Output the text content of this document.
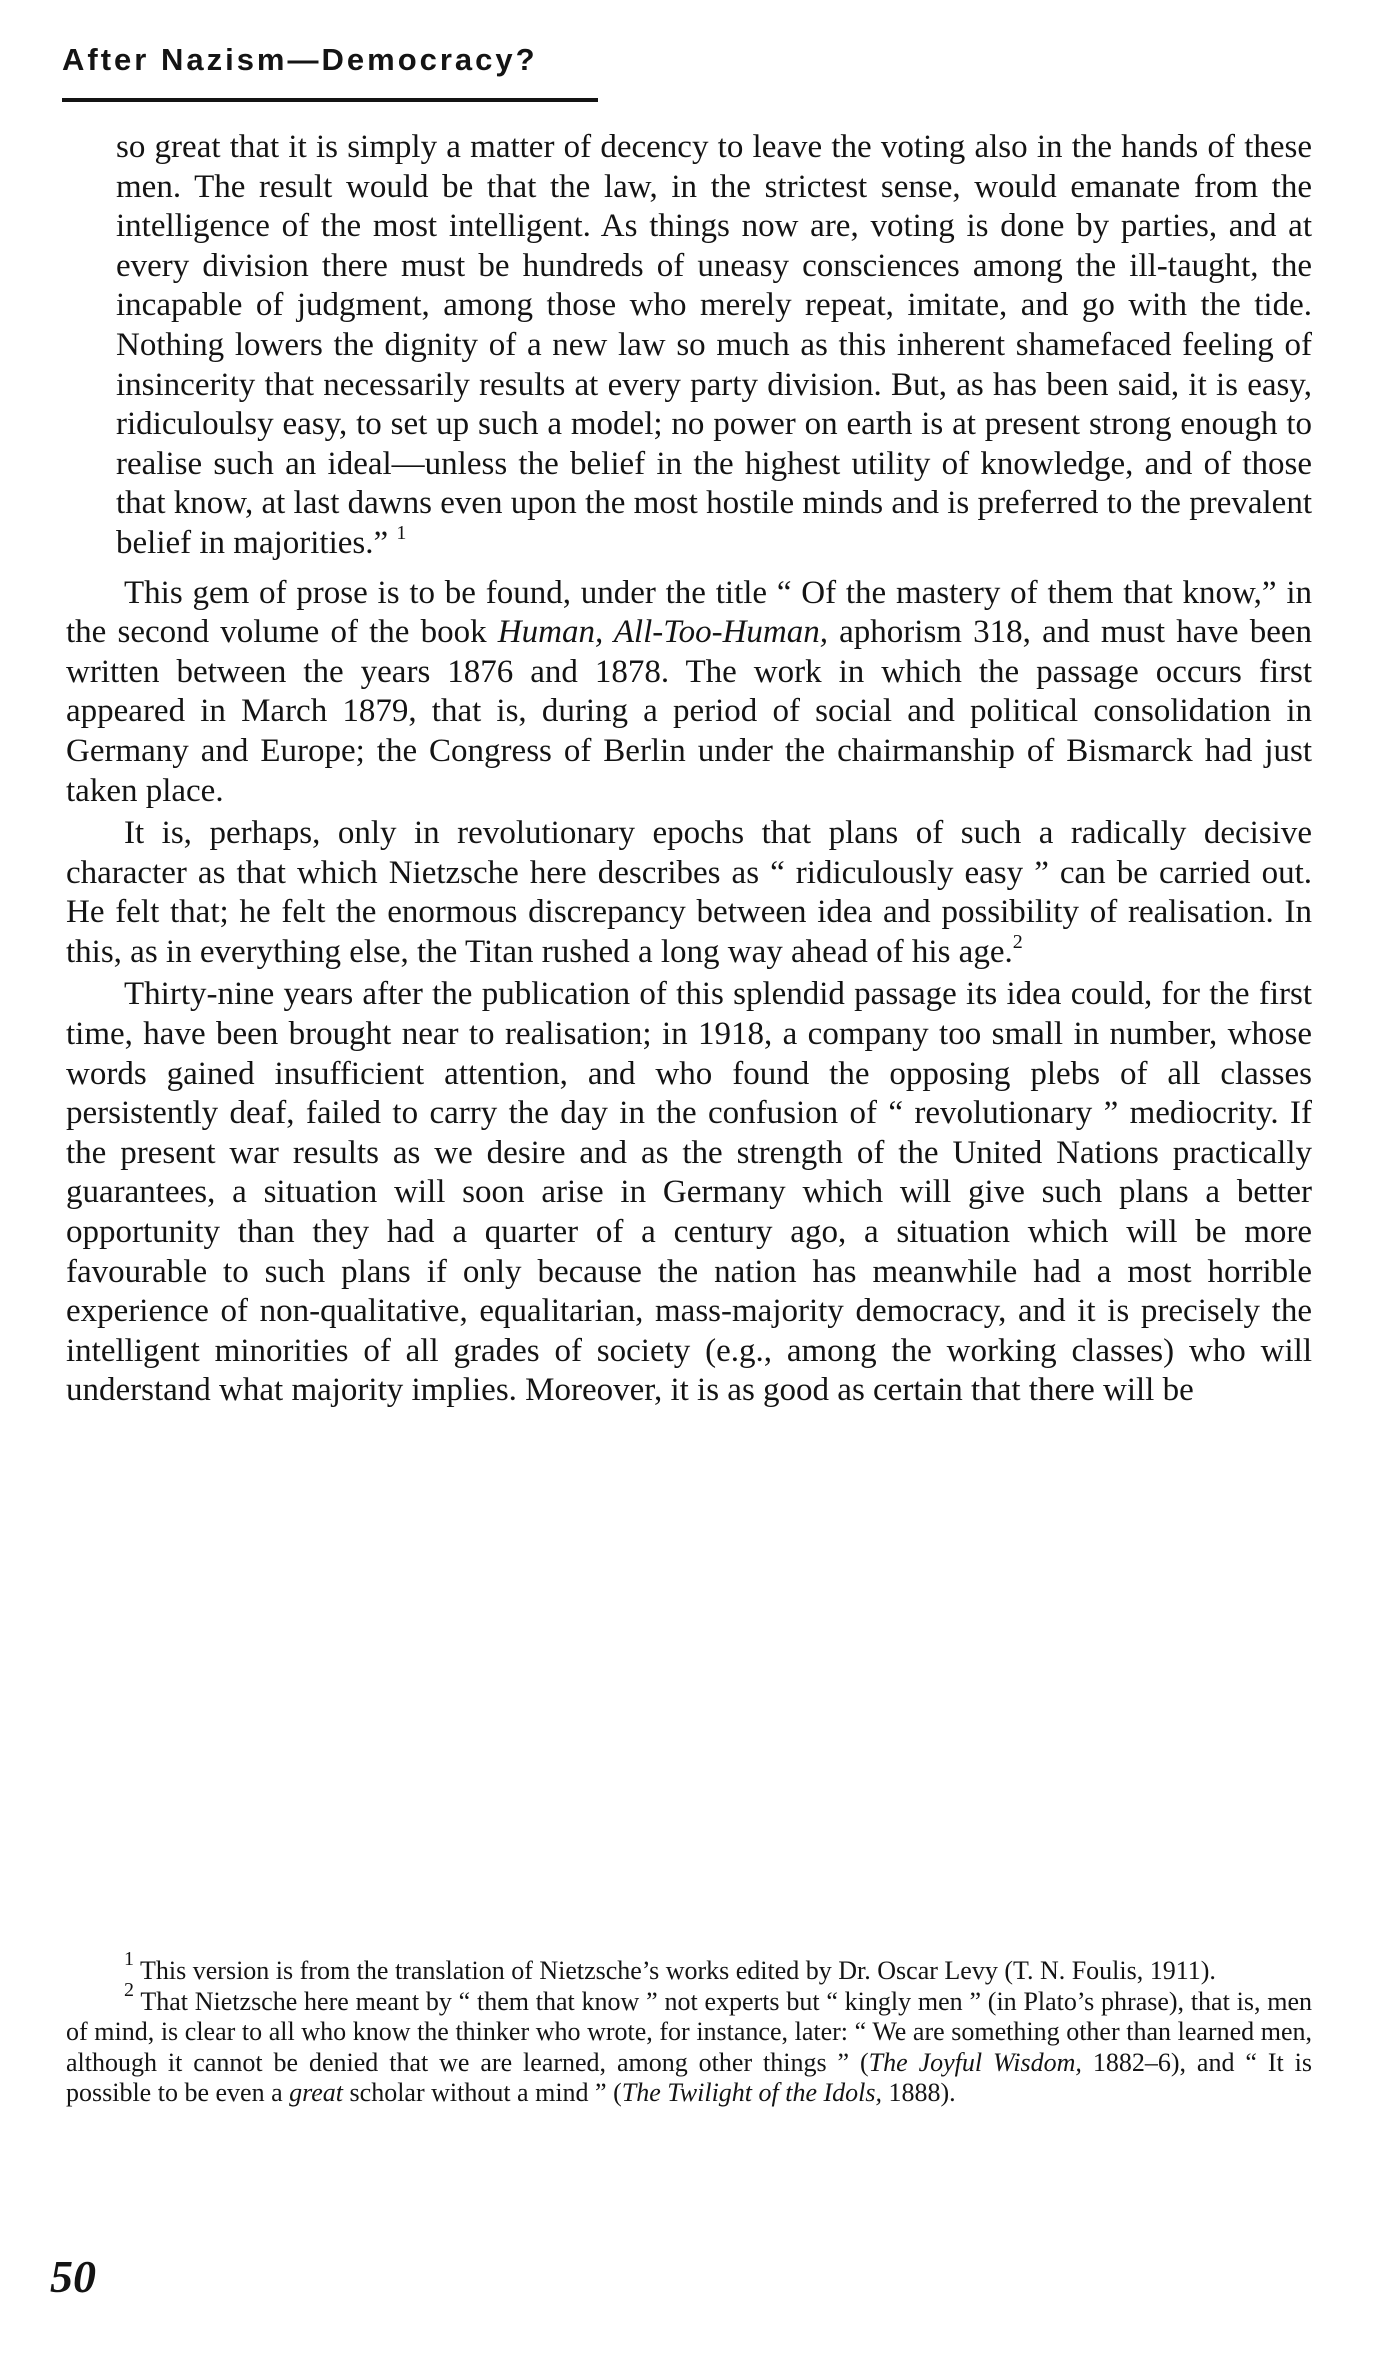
After Nazism—Democracy?

so great that it is simply a matter of decency to leave the voting also in the hands of these men. The result would be that the law, in the strictest sense, would emanate from the intelligence of the most intelligent. As things now are, voting is done by parties, and at every division there must be hundreds of uneasy consciences among the ill-taught, the incapable of judgment, among those who merely repeat, imitate, and go with the tide. Nothing lowers the dignity of a new law so much as this inherent shamefaced feeling of insincerity that necessarily results at every party division. But, as has been said, it is easy, ridiculoulsy easy, to set up such a model; no power on earth is at present strong enough to realise such an ideal—unless the belief in the highest utility of knowledge, and of those that know, at last dawns even upon the most hostile minds and is preferred to the prevalent belief in majorities.” $^1$

This gem of prose is to be found, under the title “ Of the mastery of them that know,” in the second volume of the book Human, All-Too-Human, aphorism 318, and must have been written between the years 1876 and 1878. The work in which the passage occurs first appeared in March 1879, that is, during a period of social and political consolidation in Germany and Europe; the Congress of Berlin under the chairmanship of Bismarck had just taken place.

It is, perhaps, only in revolutionary epochs that plans of such a radically decisive character as that which Nietzsche here describes as “ ridiculously easy ” can be carried out. He felt that; he felt the enormous discrepancy between idea and possibility of realisation. In this, as in everything else, the Titan rushed a long way ahead of his age.$^2$

Thirty-nine years after the publication of this splendid passage its idea could, for the first time, have been brought near to realisation; in 1918, a company too small in number, whose words gained insufficient attention, and who found the opposing plebs of all classes persistently deaf, failed to carry the day in the confusion of “ revolutionary ” mediocrity. If the present war results as we desire and as the strength of the United Nations practically guarantees, a situation will soon arise in Germany which will give such plans a better opportunity than they had a quarter of a century ago, a situation which will be more favourable to such plans if only because the nation has meanwhile had a most horrible experience of non-qualitative, equalitarian, mass-majority democracy, and it is precisely the intelligent minorities of all grades of society (e.g., among the working classes) who will understand what majority implies. Moreover, it is as good as certain that there will be

$^1$ This version is from the translation of Nietzsche’s works edited by Dr. Oscar Levy (T. N. Foulis, 1911).

$^2$ That Nietzsche here meant by “ them that know ” not experts but “ kingly men ” (in Plato’s phrase), that is, men of mind, is clear to all who know the thinker who wrote, for instance, later: “ We are something other than learned men, although it cannot be denied that we are learned, among other things ” (The Joyful Wisdom, 1882–6), and “ It is possible to be even a great scholar without a mind ” (The Twilight of the Idols, 1888).

50
